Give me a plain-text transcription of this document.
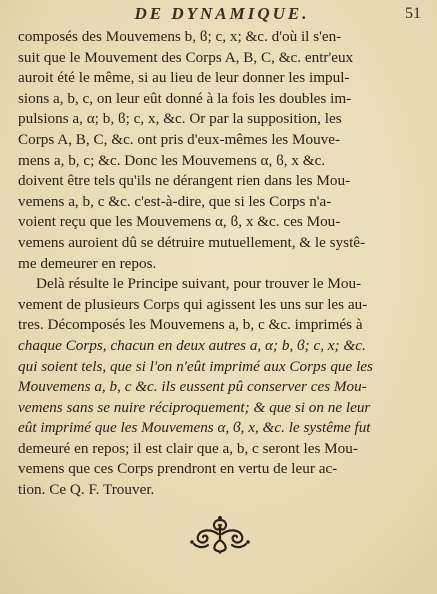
DE DYNAMIQUE.	51
composés des Mouvemens b, ϐ; c, x; &c. d'où il s'en-
suit que le Mouvement des Corps A, B, C, &c. entr'eux
auroit été le même, si au lieu de leur donner les impul-
sions a, b, c, on leur eût donné à la fois les doubles im-
pulsions a, α; b, ϐ; c, x, &c. Or par la supposition, les
Corps A, B, C, &c. ont pris d'eux-mêmes les Mouve-
mens a, b, c; &c. Donc les Mouvemens α, ϐ, x &c.
doivent être tels qu'ils ne dérangent rien dans les Mou-
vemens a, b, c &c. c'est-à-dire, que si les Corps n'a-
voient reçu que les Mouvemens α, ϐ, x &c. ces Mou-
vemens auroient dû se détruire mutuellement, & le systê-
me demeurer en repos.
Delà résulte le Principe suivant, pour trouver le Mou-
vement de plusieurs Corps qui agissent les uns sur les au-
tres. Décomposés les Mouvemens a, b, c &c. imprimés à
chaque Corps, chacun en deux autres a, α; b, ϐ; c, x; &c.
qui soient tels, que si l'on n'eût imprimé aux Corps que les
Mouvemens a, b, c &c. ils eussent pû conserver ces Mou-
vemens sans se nuire réciproquement; & que si on ne leur
eût imprimé que les Mouvemens α, ϐ, x, &c. le systême fut
demeuré en repos; il est clair que a, b, c seront les Mou-
vemens que ces Corps prendront en vertu de leur ac-
tion. Ce Q. F. Trouver.
